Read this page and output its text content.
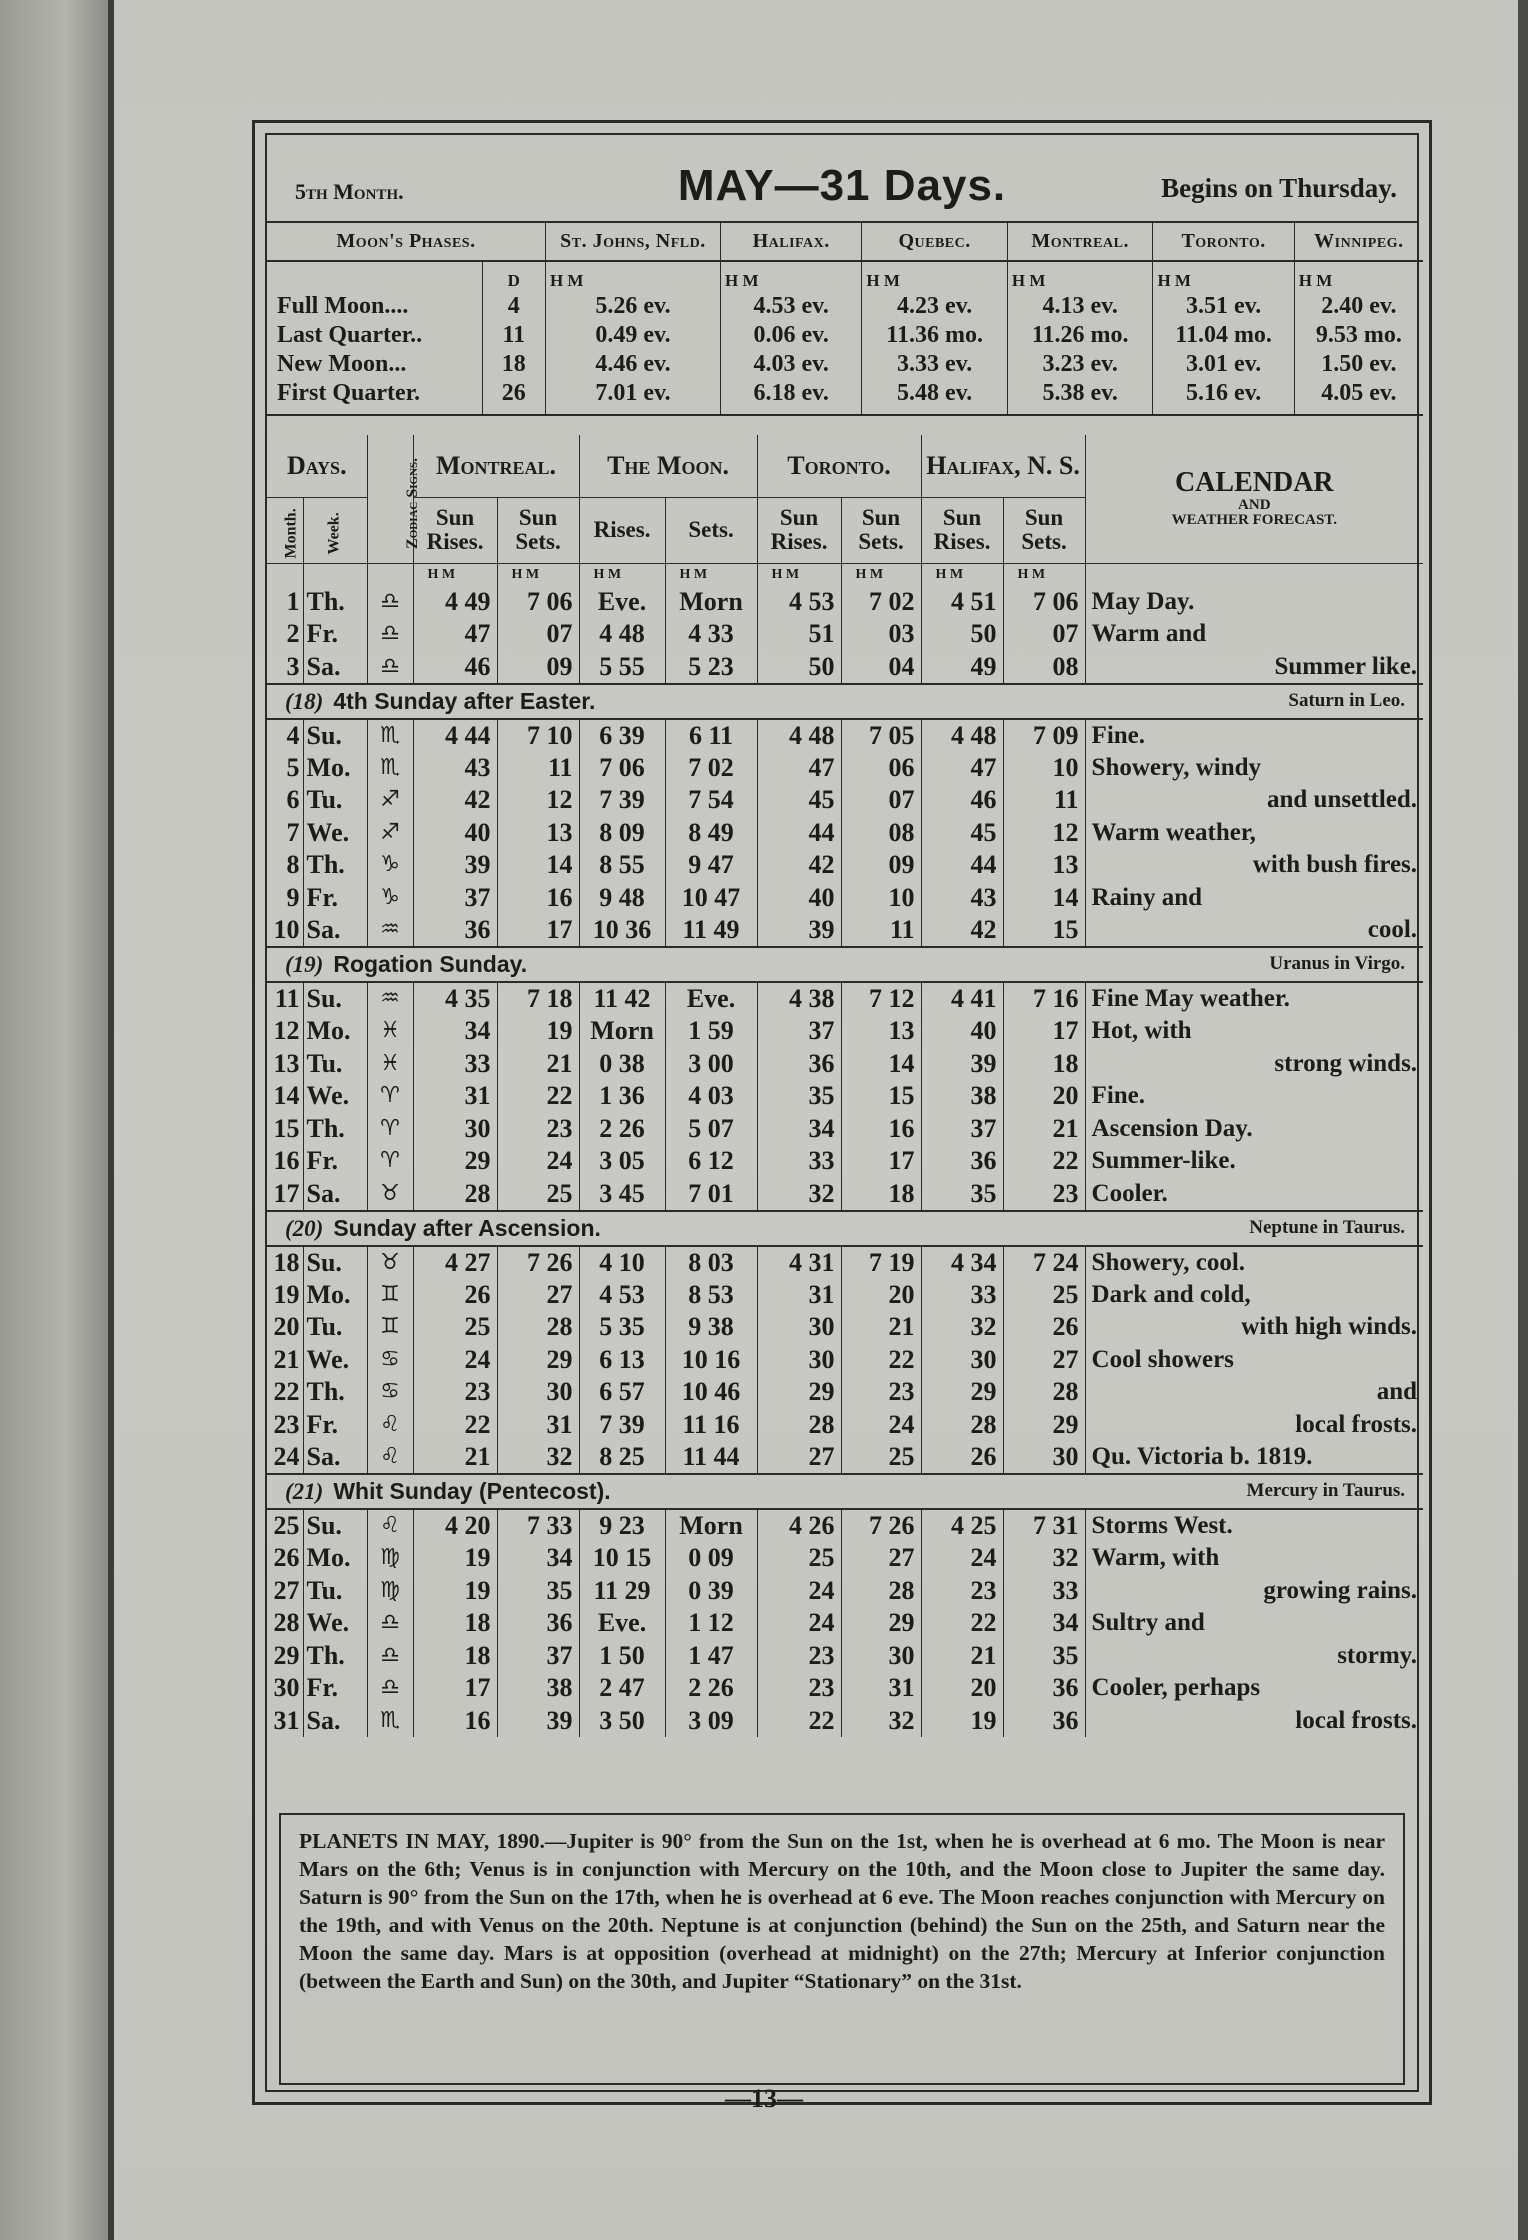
5th Month.	MAY—31 Days.	Begins on Thursday.
Moon's Phases.		St. Johns, Nfld.	Halifax.	Quebec.	Montreal.	Toronto.	Winnipeg.
	D	H M	H M	H M	H M	H M	H M
Full Moon....	4	5.26 ev.	4.53 ev.	4.23 ev.	4.13 ev.	3.51 ev.	2.40 ev.
Last Quarter..	11	0.49 ev.	0.06 ev.	11.36 mo.	11.26 mo.	11.04 mo.	9.53 mo.
New Moon...	18	4.46 ev.	4.03 ev.	3.33 ev.	3.23 ev.	3.01 ev.	1.50 ev.
First Quarter.	26	7.01 ev.	6.18 ev.	5.48 ev.	5.38 ev.	5.16 ev.	4.05 ev.
Days.		Zodiac Signs.	Montreal.		The Moon.		Toronto.		Halifax, N. S.		CALENDAR
AND
WEATHER FORECAST.

Month.	Week.		Sun Rises.	Sun Sets.	Rises.	Sets.	Sun Rises.	Sun Sets.	Sun Rises.	Sun Sets.	
			H M	H M	H M	H M	H M	H M	H M	H M	
1	Th.	♎	4 49	7 06	Eve.	Morn	4 53	7 02	4 51	7 06	May Day.
2	Fr.	♎	47	07	4 48	4 33	51	03	50	07	Warm and
3	Sa.	♎	46	09	5 55	5 23	50	04	49	08	Summer like.
(18) 4th Sunday after Easter. Saturn in Leo.											

4	Su.	♏	4 44	7 10	6 39	6 11	4 48	7 05	4 48	7 09	Fine.
5	Mo.	♏	43	11	7 06	7 02	47	06	47	10	Showery, windy
6	Tu.	♐	42	12	7 39	7 54	45	07	46	11	and unsettled.
7	We.	♐	40	13	8 09	8 49	44	08	45	12	Warm weather,
8	Th.	♑	39	14	8 55	9 47	42	09	44	13	with bush fires.
9	Fr.	♑	37	16	9 48	10 47	40	10	43	14	Rainy and
10	Sa.	♒	36	17	10 36	11 49	39	11	42	15	cool.
(19) Rogation Sunday. Uranus in Virgo.											

11	Su.	♒	4 35	7 18	11 42	Eve.	4 38	7 12	4 41	7 16	Fine May weather.
12	Mo.	♓	34	19	Morn	1 59	37	13	40	17	Hot, with
13	Tu.	♓	33	21	0 38	3 00	36	14	39	18	strong winds.
14	We.	♈	31	22	1 36	4 03	35	15	38	20	Fine.
15	Th.	♈	30	23	2 26	5 07	34	16	37	21	Ascension Day.
16	Fr.	♈	29	24	3 05	6 12	33	17	36	22	Summer-like.
17	Sa.	♉	28	25	3 45	7 01	32	18	35	23	Cooler.
(20) Sunday after Ascension. Neptune in Taurus.											

18	Su.	♉	4 27	7 26	4 10	8 03	4 31	7 19	4 34	7 24	Showery, cool.
19	Mo.	♊	26	27	4 53	8 53	31	20	33	25	Dark and cold,
20	Tu.	♊	25	28	5 35	9 38	30	21	32	26	with high winds.
21	We.	♋	24	29	6 13	10 16	30	22	30	27	Cool showers
22	Th.	♋	23	30	6 57	10 46	29	23	29	28	and
23	Fr.	♌	22	31	7 39	11 16	28	24	28	29	local frosts.
24	Sa.	♌	21	32	8 25	11 44	27	25	26	30	Qu. Victoria b. 1819.
(21) Whit Sunday (Pentecost). Mercury in Taurus.											

25	Su.	♌	4 20	7 33	9 23	Morn	4 26	7 26	4 25	7 31	Storms West.
26	Mo.	♍	19	34	10 15	0 09	25	27	24	32	Warm, with
27	Tu.	♍	19	35	11 29	0 39	24	28	23	33	growing rains.
28	We.	♎	18	36	Eve.	1 12	24	29	22	34	Sultry and
29	Th.	♎	18	37	1 50	1 47	23	30	21	35	stormy.
30	Fr.	♎	17	38	2 47	2 26	23	31	20	36	Cooler, perhaps
31	Sa.	♏	16	39	3 50	3 09	22	32	19	36	local frosts.
PLANETS IN MAY, 1890.—Jupiter is 90° from the Sun on the 1st, when he is overhead at 6 mo. The Moon is near Mars on the 6th; Venus is in conjunction with Mercury on the 10th, and the Moon close to Jupiter the same day. Saturn is 90° from the Sun on the 17th, when he is overhead at 6 eve. The Moon reaches conjunction with Mercury on the 19th, and with Venus on the 20th. Neptune is at conjunction (behind) the Sun on the 25th, and Saturn near the Moon the same day. Mars is at opposition (overhead at midnight) on the 27th; Mercury at Inferior conjunction (between the Earth and Sun) on the 30th, and Jupiter “Stationary” on the 31st.
—13—
